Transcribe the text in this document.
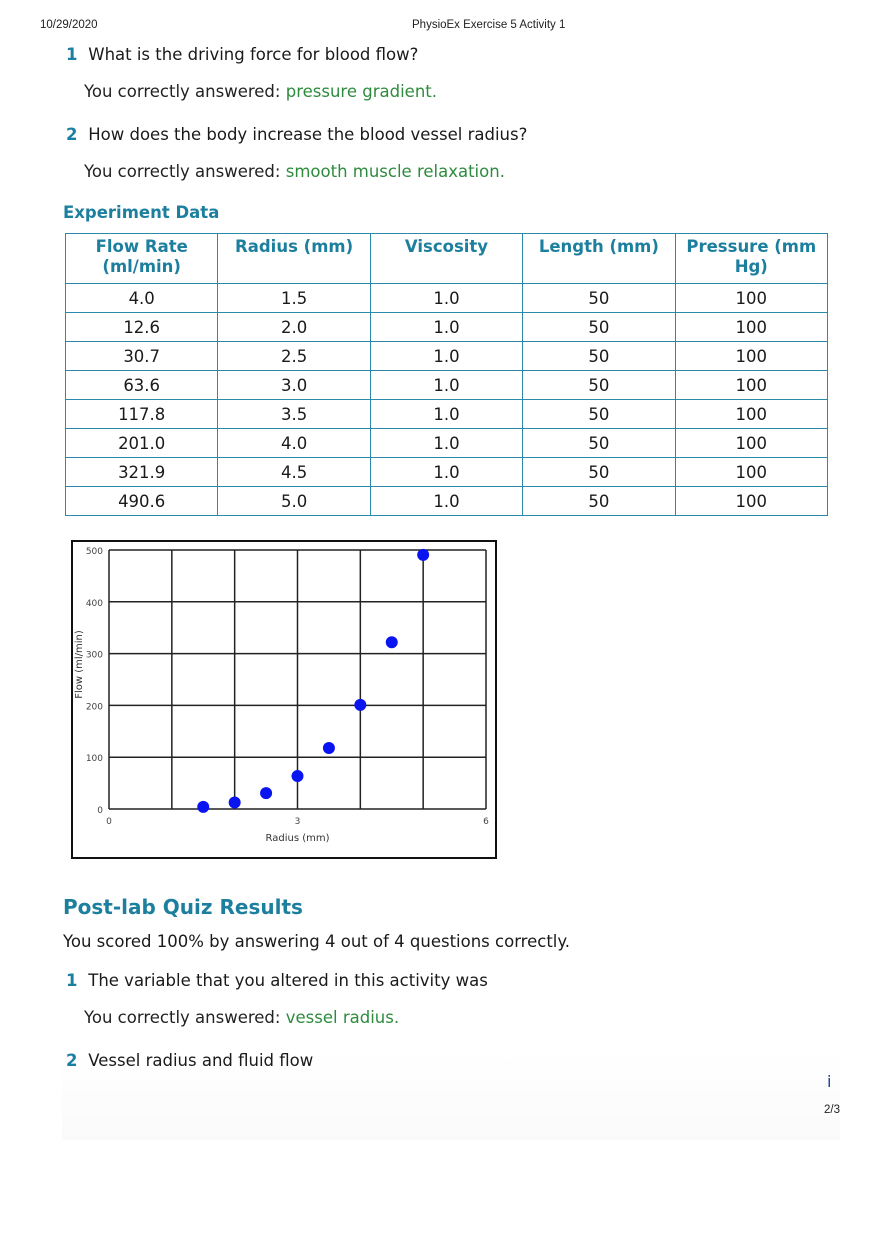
10/29/2020	PhysioEx Exercise 5 Activity 1
1 What is the driving force for blood flow?
You correctly answered: pressure gradient.
2 How does the body increase the blood vessel radius?
You correctly answered: smooth muscle relaxation.
Experiment Data
Flow Rate (ml/min)	Radius (mm)	Viscosity	Length (mm)	Pressure (mm Hg)
4.0	1.5	1.0	50	100
12.6	2.0	1.0	50	100
30.7	2.5	1.0	50	100
63.6	3.0	1.0	50	100
117.8	3.5	1.0	50	100
201.0	4.0	1.0	50	100
321.9	4.5	1.0	50	100
490.6	5.0	1.0	50	100
0
100
200
300
400
500
0	3	6
Radius (mm)
Flow (ml/min)
Post-lab Quiz Results
You scored 100% by answering 4 out of 4 questions correctly.
1 The variable that you altered in this activity was
You correctly answered: vessel radius.
2 Vessel radius and fluid flow
i
2/3
